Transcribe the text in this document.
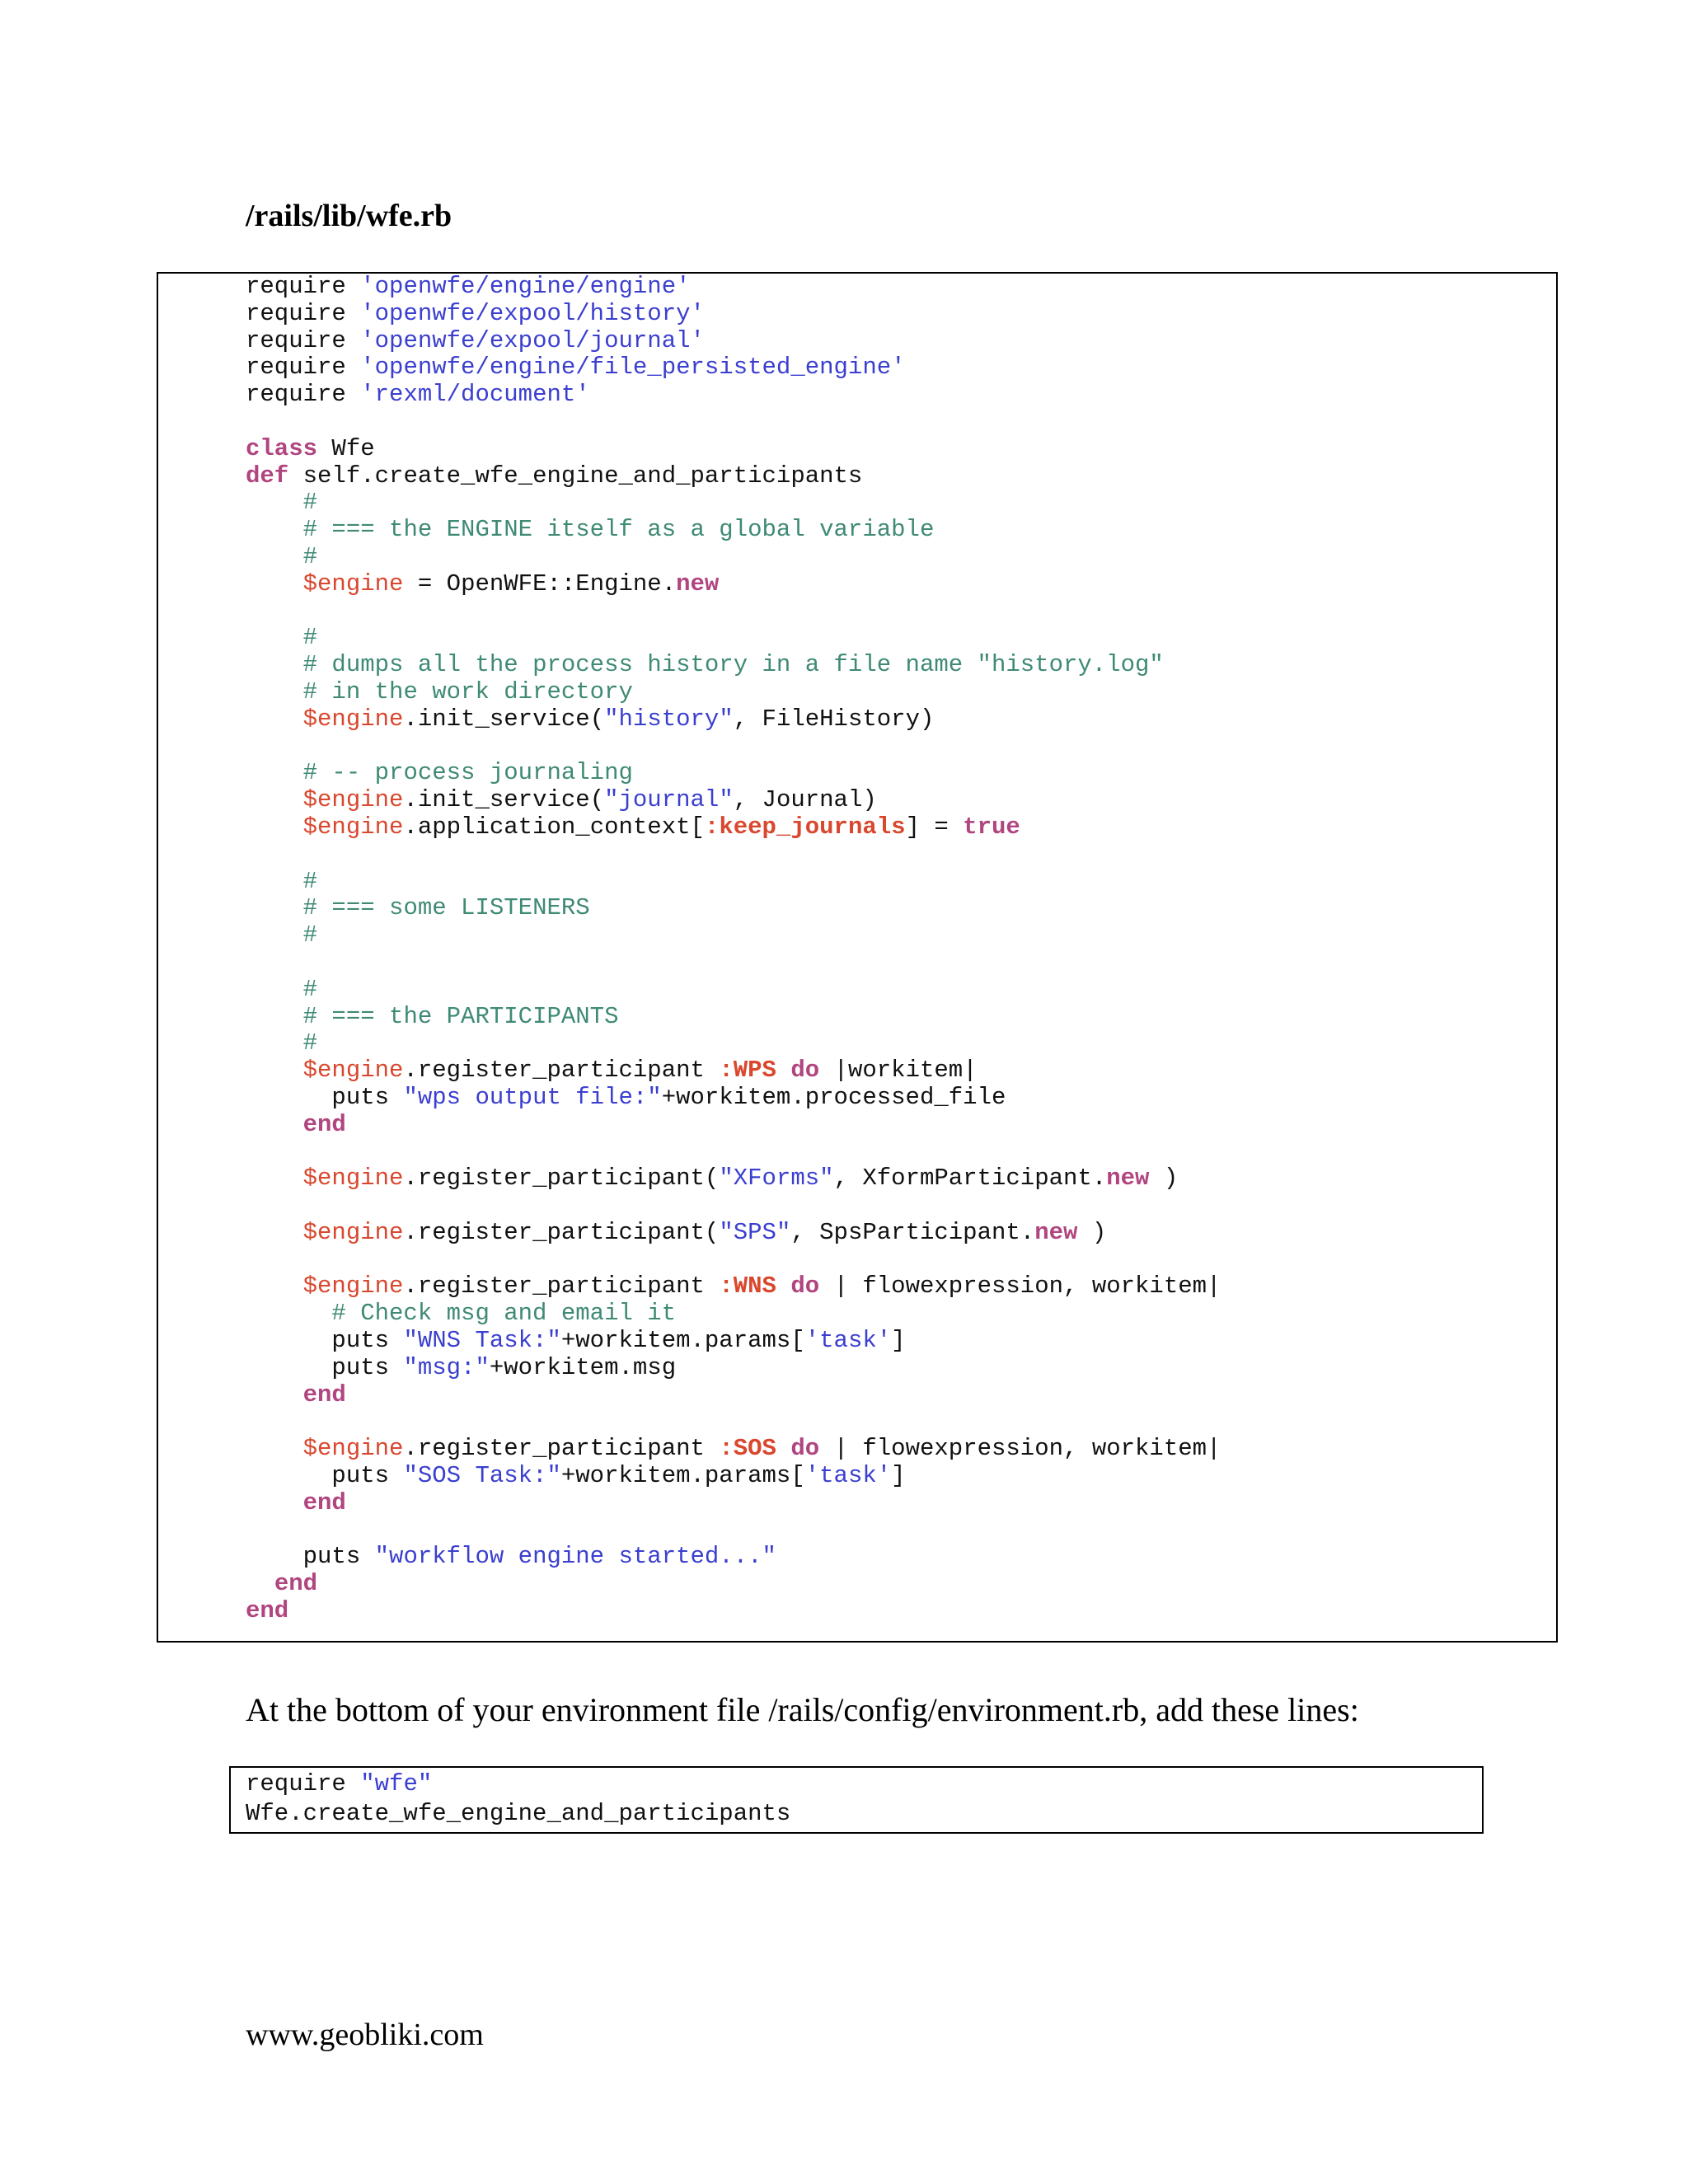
/rails/lib/wfe.rb
require 'openwfe/engine/engine'
require 'openwfe/expool/history'
require 'openwfe/expool/journal'
require 'openwfe/engine/file_persisted_engine'
require 'rexml/document'
class Wfe
def self.create_wfe_engine_and_participants
#
# === the ENGINE itself as a global variable
#
$engine = OpenWFE::Engine.new
#
# dumps all the process history in a file name "history.log"
# in the work directory
$engine.init_service("history", FileHistory)
# -- process journaling
$engine.init_service("journal", Journal)
$engine.application_context[:keep_journals] = true
#
# === some LISTENERS
#
#
# === the PARTICIPANTS
#
$engine.register_participant :WPS do |workitem|
puts "wps output file:"+workitem.processed_file
end
$engine.register_participant("XForms", XformParticipant.new )
$engine.register_participant("SPS", SpsParticipant.new )
$engine.register_participant :WNS do | flowexpression, workitem|
# Check msg and email it
puts "WNS Task:"+workitem.params['task']
puts "msg:"+workitem.msg
end
$engine.register_participant :SOS do | flowexpression, workitem|
puts "SOS Task:"+workitem.params['task']
end
puts "workflow engine started..."
end
end
At the bottom of your environment file /rails/config/environment.rb, add these lines:
require "wfe"
Wfe.create_wfe_engine_and_participants
www.geobliki.com
